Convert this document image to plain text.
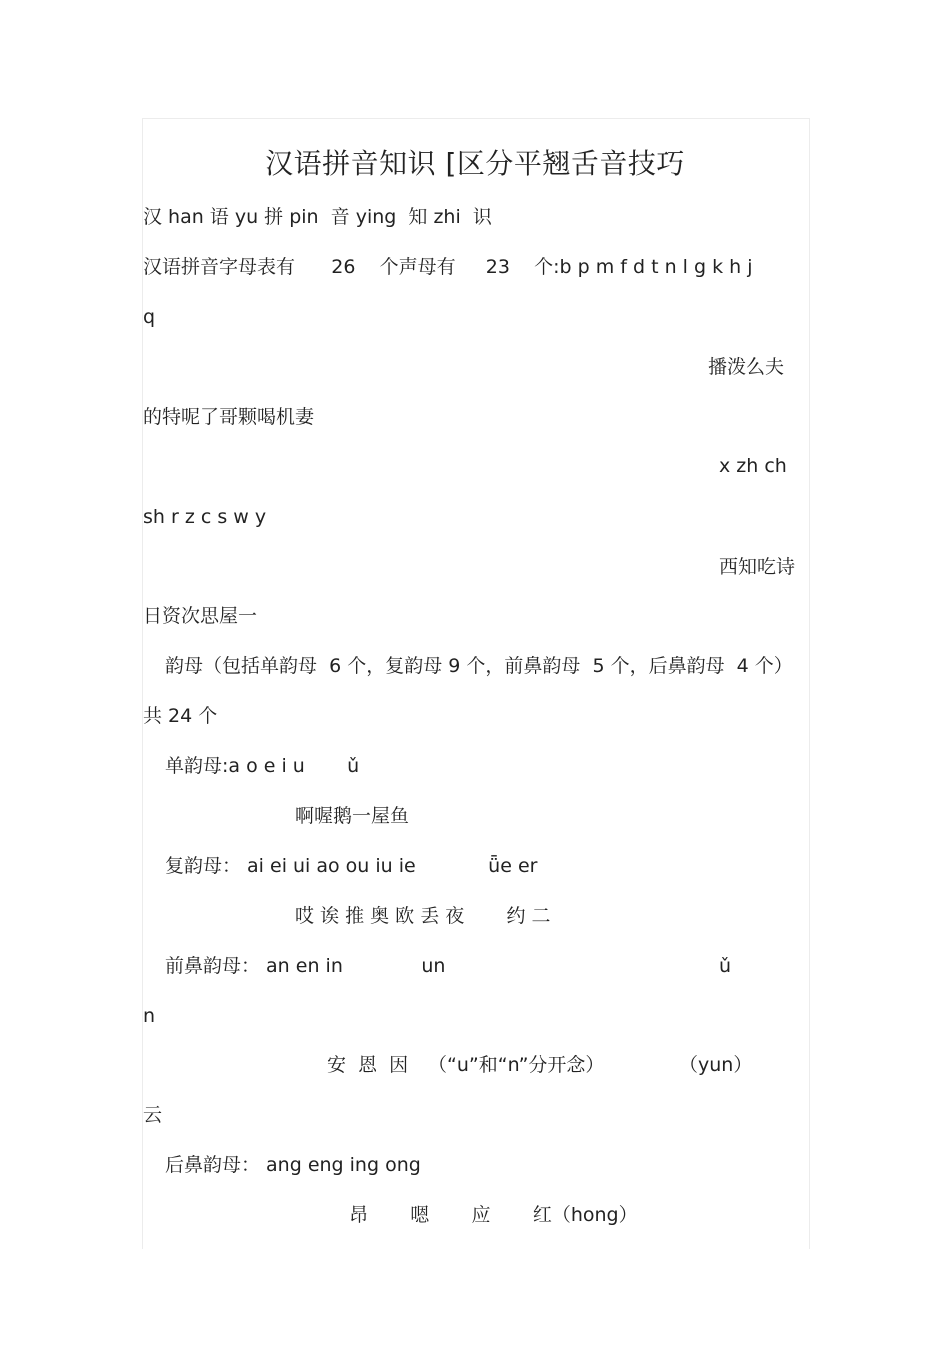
汉语拼音知识 [区分平翘舌音技巧
汉 han 语 yu 拼 pin  音 ying  知 zhi  识
汉语拼音字母表有      26    个声母有     23    个:b p m f d t n l g k h j
q
播泼么夫
的特呢了哥颗喝机妻
x zh ch
sh r z c s w y
西知吃诗
日资次思屋一
韵母（包括单韵母  6 个，复韵母 9 个，前鼻韵母  5 个，后鼻韵母  4 个）
共 24 个
单韵母:a o e i u       ǔ
啊喔鹅一屋鱼
复韵母： ai ei ui ao ou iu ie            ǖe er
哎 诶 推 奥 欧 丢 夜       约 二
前鼻韵母： an en in             un	ǔ
n
安  恩  因 （“u”和“n”分开念）	（yun）
云
后鼻韵母： ang eng ing ong
昂       嗯       应       红（hong）
